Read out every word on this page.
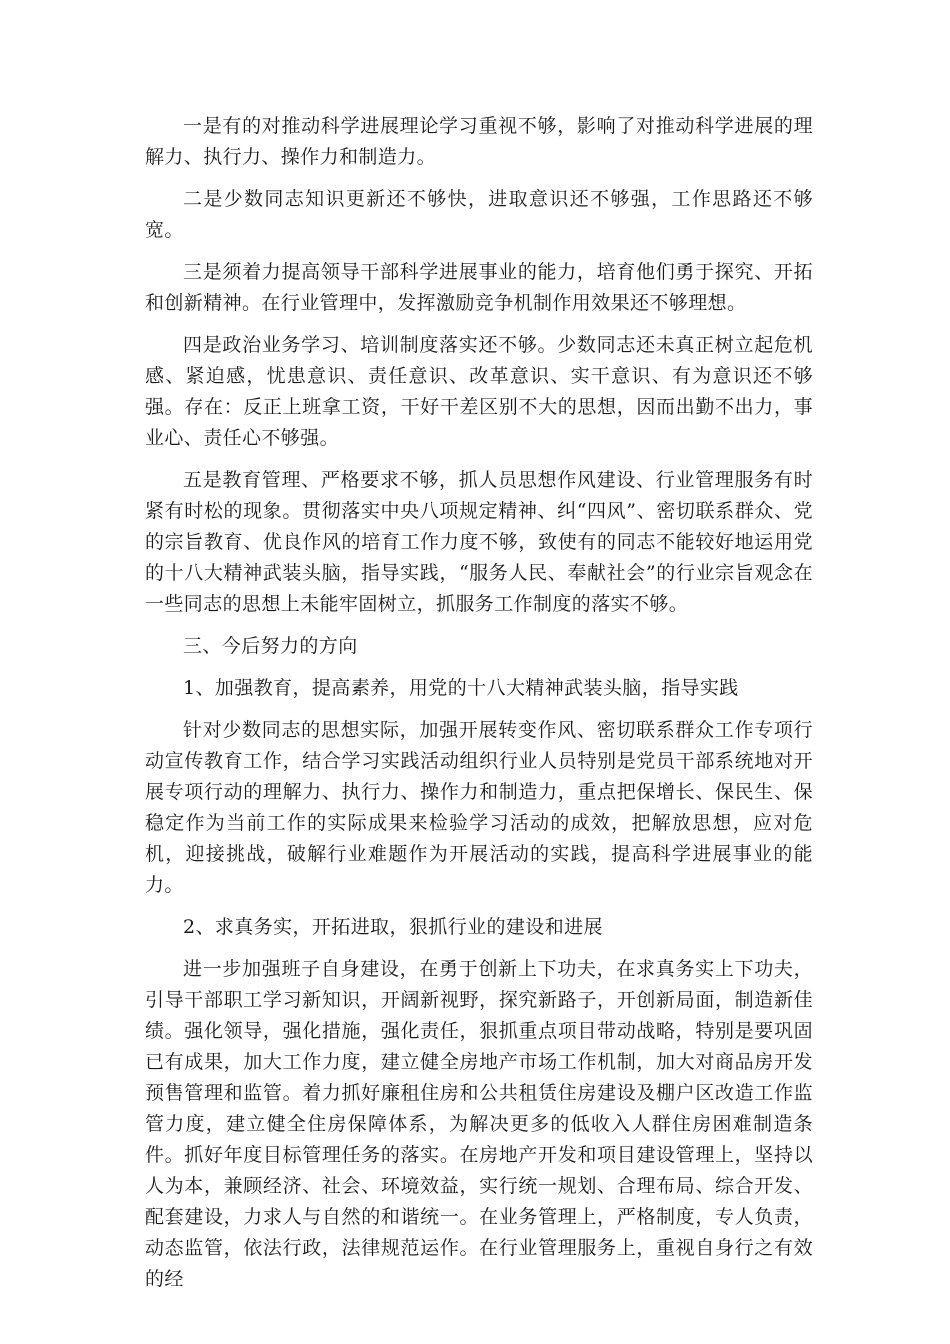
一是有的对推动科学进展理论学习重视不够，影响了对推动科学进展的理解力、执行力、操作力和制造力。

二是少数同志知识更新还不够快，进取意识还不够强，工作思路还不够宽。

三是须着力提高领导干部科学进展事业的能力，培育他们勇于探究、开拓和创新精神。在行业管理中，发挥激励竞争机制作用效果还不够理想。

四是政治业务学习、培训制度落实还不够。少数同志还未真正树立起危机感、紧迫感，忧患意识、责任意识、改革意识、实干意识、有为意识还不够强。存在：反正上班拿工资，干好干差区别不大的思想，因而出勤不出力，事业心、责任心不够强。

五是教育管理、严格要求不够，抓人员思想作风建设、行业管理服务有时紧有时松的现象。贯彻落实中央八项规定精神、纠“四风”、密切联系群众、党的宗旨教育、优良作风的培育工作力度不够，致使有的同志不能较好地运用党的十八大精神武装头脑，指导实践，“服务人民、奉献社会”的行业宗旨观念在一些同志的思想上未能牢固树立，抓服务工作制度的落实不够。

三、今后努力的方向

1、加强教育，提高素养，用党的十八大精神武装头脑，指导实践

针对少数同志的思想实际，加强开展转变作风、密切联系群众工作专项行动宣传教育工作，结合学习实践活动组织行业人员特别是党员干部系统地对开展专项行动的理解力、执行力、操作力和制造力，重点把保增长、保民生、保稳定作为当前工作的实际成果来检验学习活动的成效，把解放思想，应对危机，迎接挑战，破解行业难题作为开展活动的实践，提高科学进展事业的能力。

2、求真务实，开拓进取，狠抓行业的建设和进展

进一步加强班子自身建设，在勇于创新上下功夫，在求真务实上下功夫，引导干部职工学习新知识，开阔新视野，探究新路子，开创新局面，制造新佳绩。强化领导，强化措施，强化责任，狠抓重点项目带动战略，特别是要巩固已有成果，加大工作力度，建立健全房地产市场工作机制，加大对商品房开发预售管理和监管。着力抓好廉租住房和公共租赁住房建设及棚户区改造工作监管力度，建立健全住房保障体系，为解决更多的低收入人群住房困难制造条件。抓好年度目标管理任务的落实。在房地产开发和项目建设管理上，坚持以人为本，兼顾经济、社会、环境效益，实行统一规划、合理布局、综合开发、配套建设，力求人与自然的和谐统一。在业务管理上，严格制度，专人负责，动态监管，依法行政，法律规范运作。在行业管理服务上，重视自身行之有效的经
